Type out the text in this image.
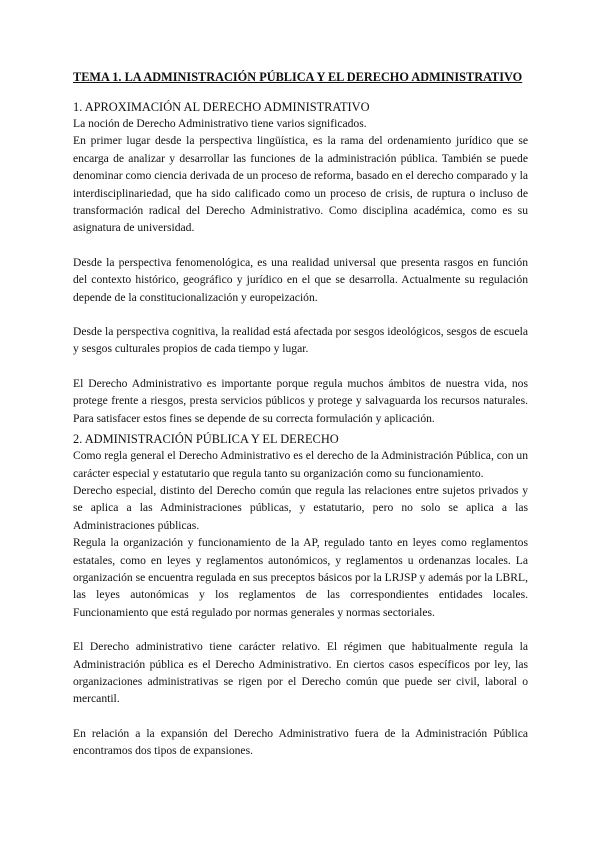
TEMA 1. LA ADMINISTRACIÓN PÚBLICA Y EL DERECHO ADMINISTRATIVO

1. APROXIMACIÓN AL DERECHO ADMINISTRATIVO

La noción de Derecho Administrativo tiene varios significados.

En primer lugar desde la perspectiva lingüística, es la rama del ordenamiento jurídico que se encarga de analizar y desarrollar las funciones de la administración pública. También se puede denominar como ciencia derivada de un proceso de reforma, basado en el derecho comparado y la interdisciplinariedad, que ha sido calificado como un proceso de crisis, de ruptura o incluso de transformación radical del Derecho Administrativo. Como disciplina académica, como es su asignatura de universidad.

Desde la perspectiva fenomenológica, es una realidad universal que presenta rasgos en función del contexto histórico, geográfico y jurídico en el que se desarrolla. Actualmente su regulación depende de la constitucionalización y europeización.

Desde la perspectiva cognitiva, la realidad está afectada por sesgos ideológicos, sesgos de escuela y sesgos culturales propios de cada tiempo y lugar.

El Derecho Administrativo es importante porque regula muchos ámbitos de nuestra vida, nos protege frente a riesgos, presta servicios públicos y protege y salvaguarda los recursos naturales. Para satisfacer estos fines se depende de su correcta formulación y aplicación.

2. ADMINISTRACIÓN PÚBLICA Y EL DERECHO

Como regla general el Derecho Administrativo es el derecho de la Administración Pública, con un carácter especial y estatutario que regula tanto su organización como su funcionamiento.

Derecho especial, distinto del Derecho común que regula las relaciones entre sujetos privados y se aplica a las Administraciones públicas, y estatutario, pero no solo se aplica a las Administraciones públicas.

Regula la organización y funcionamiento de la AP, regulado tanto en leyes como reglamentos estatales, como en leyes y reglamentos autonómicos, y reglamentos u ordenanzas locales. La organización se encuentra regulada en sus preceptos básicos por la LRJSP y además por la LBRL, las leyes autonómicas y los reglamentos de las correspondientes entidades locales. Funcionamiento que está regulado por normas generales y normas sectoriales.

El Derecho administrativo tiene carácter relativo. El régimen que habitualmente regula la Administración pública es el Derecho Administrativo. En ciertos casos específicos por ley, las organizaciones administrativas se rigen por el Derecho común que puede ser civil, laboral o mercantil.

En relación a la expansión del Derecho Administrativo fuera de la Administración Pública encontramos dos tipos de expansiones.
